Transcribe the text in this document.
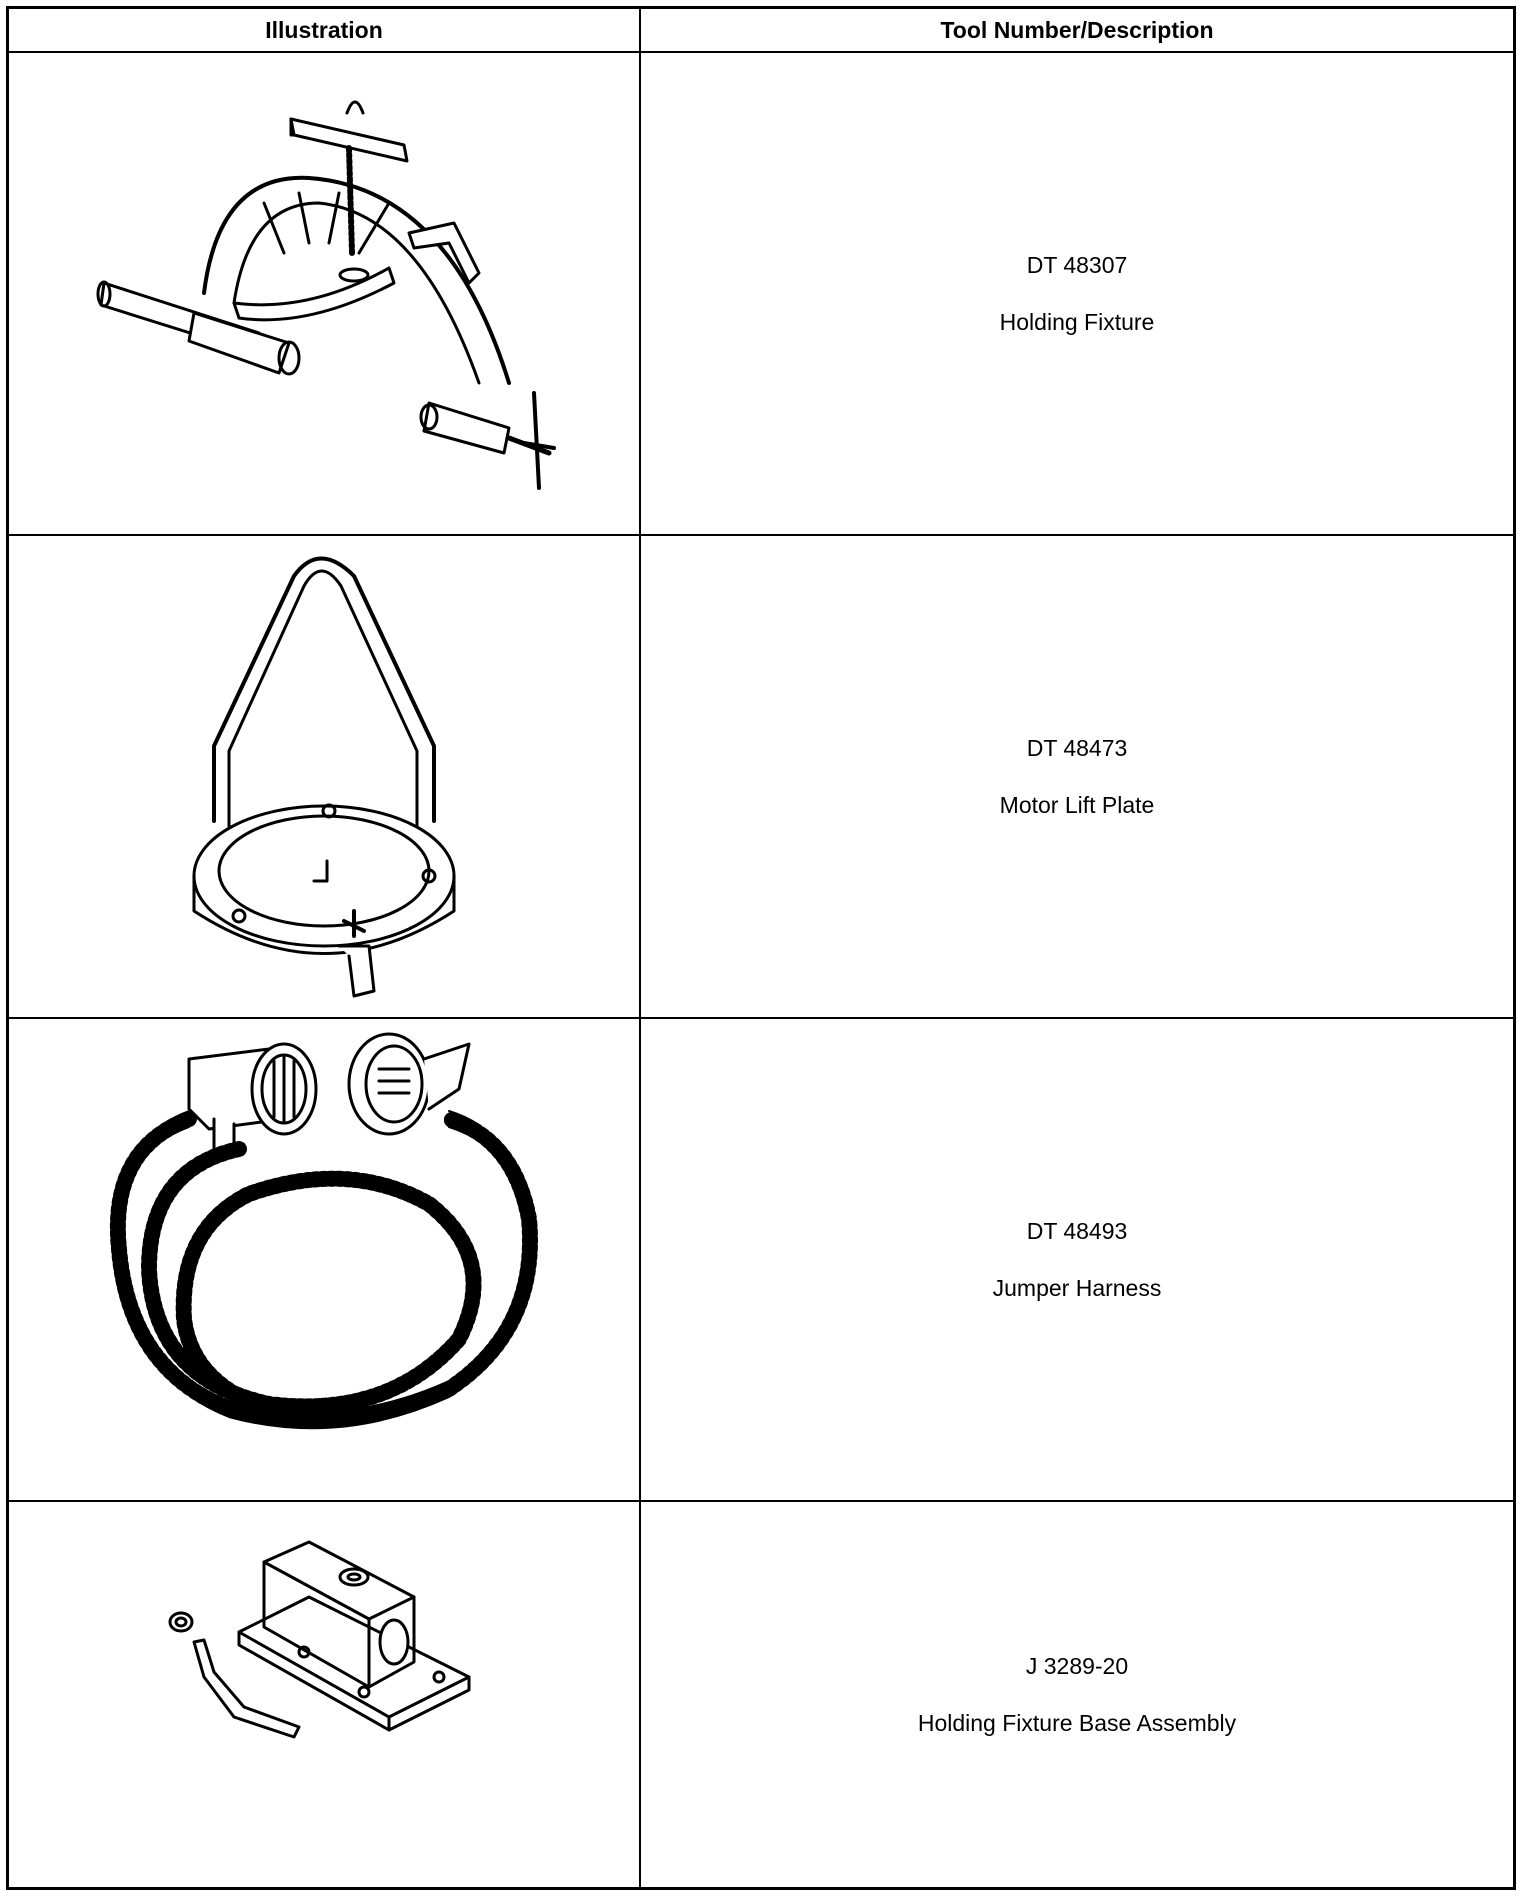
Illustration	Tool Number/Description
DT 48307
Holding Fixture
DT 48473
Motor Lift Plate
DT 48493
Jumper Harness
J 3289-20
Holding Fixture Base Assembly
